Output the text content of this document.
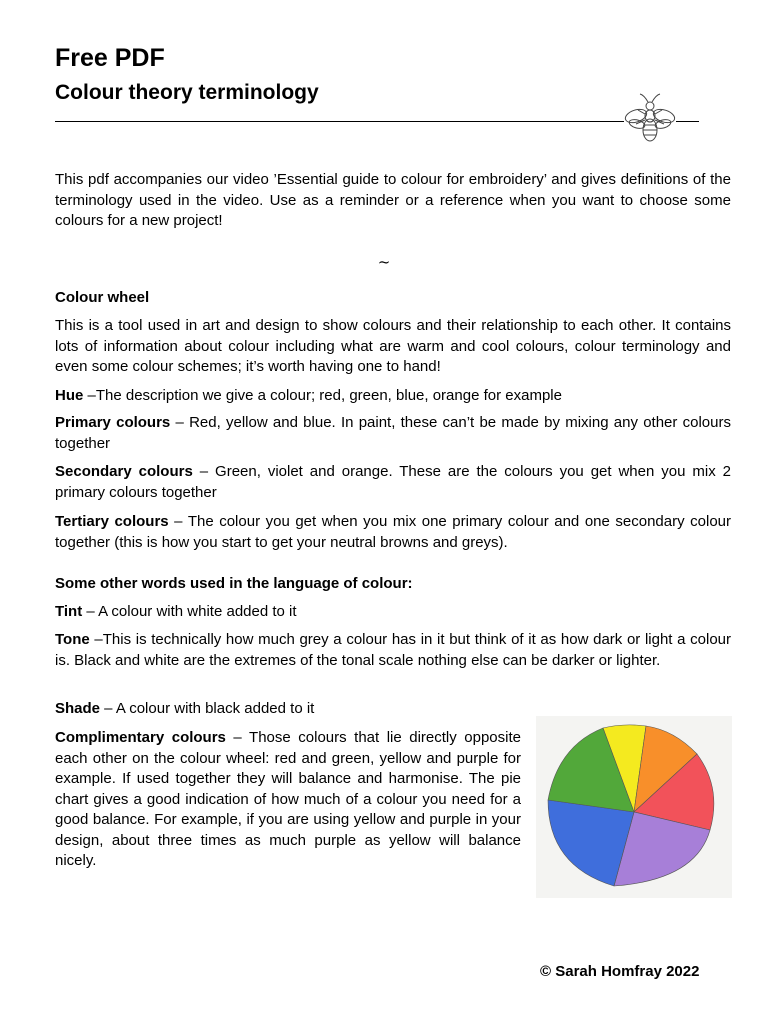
Free PDF
Colour theory terminology

This pdf accompanies our video ’Essential guide to colour for embroidery’ and gives definitions of the terminology used in the video. Use as a reminder or a reference when you want to choose some colours for a new project!

~
Colour wheel

This is a tool used in art and design to show colours and their relationship to each other. It contains lots of information about colour including what are warm and cool colours, colour terminology and even some colour schemes; it’s worth having one to hand!

Hue –The description we give a colour; red, green, blue, orange for example

Primary colours – Red, yellow and blue. In paint, these can’t be made by mixing any other colours together

Secondary colours – Green, violet and orange. These are the colours you get when you mix 2 primary colours together

Tertiary colours – The colour you get when you mix one primary colour and one secondary colour together (this is how you start to get your neutral browns and greys).

Some other words used in the language of colour:

Tint – A colour with white added to it

Tone –This is technically how much grey a colour has in it but think of it as how dark or light a colour is. Black and white are the extremes of the tonal scale nothing else can be darker or lighter.

Shade – A colour with black added to it

Complimentary colours – Those colours that lie directly opposite each other on the colour wheel: red and green, yellow and purple for example. If used together they will balance and harmonise. The pie chart gives a good indication of how much of a colour you need for a good balance. For example, if you are using yellow and purple in your design, about three times as much purple as yellow will balance nicely.

© Sarah Homfray 2022
